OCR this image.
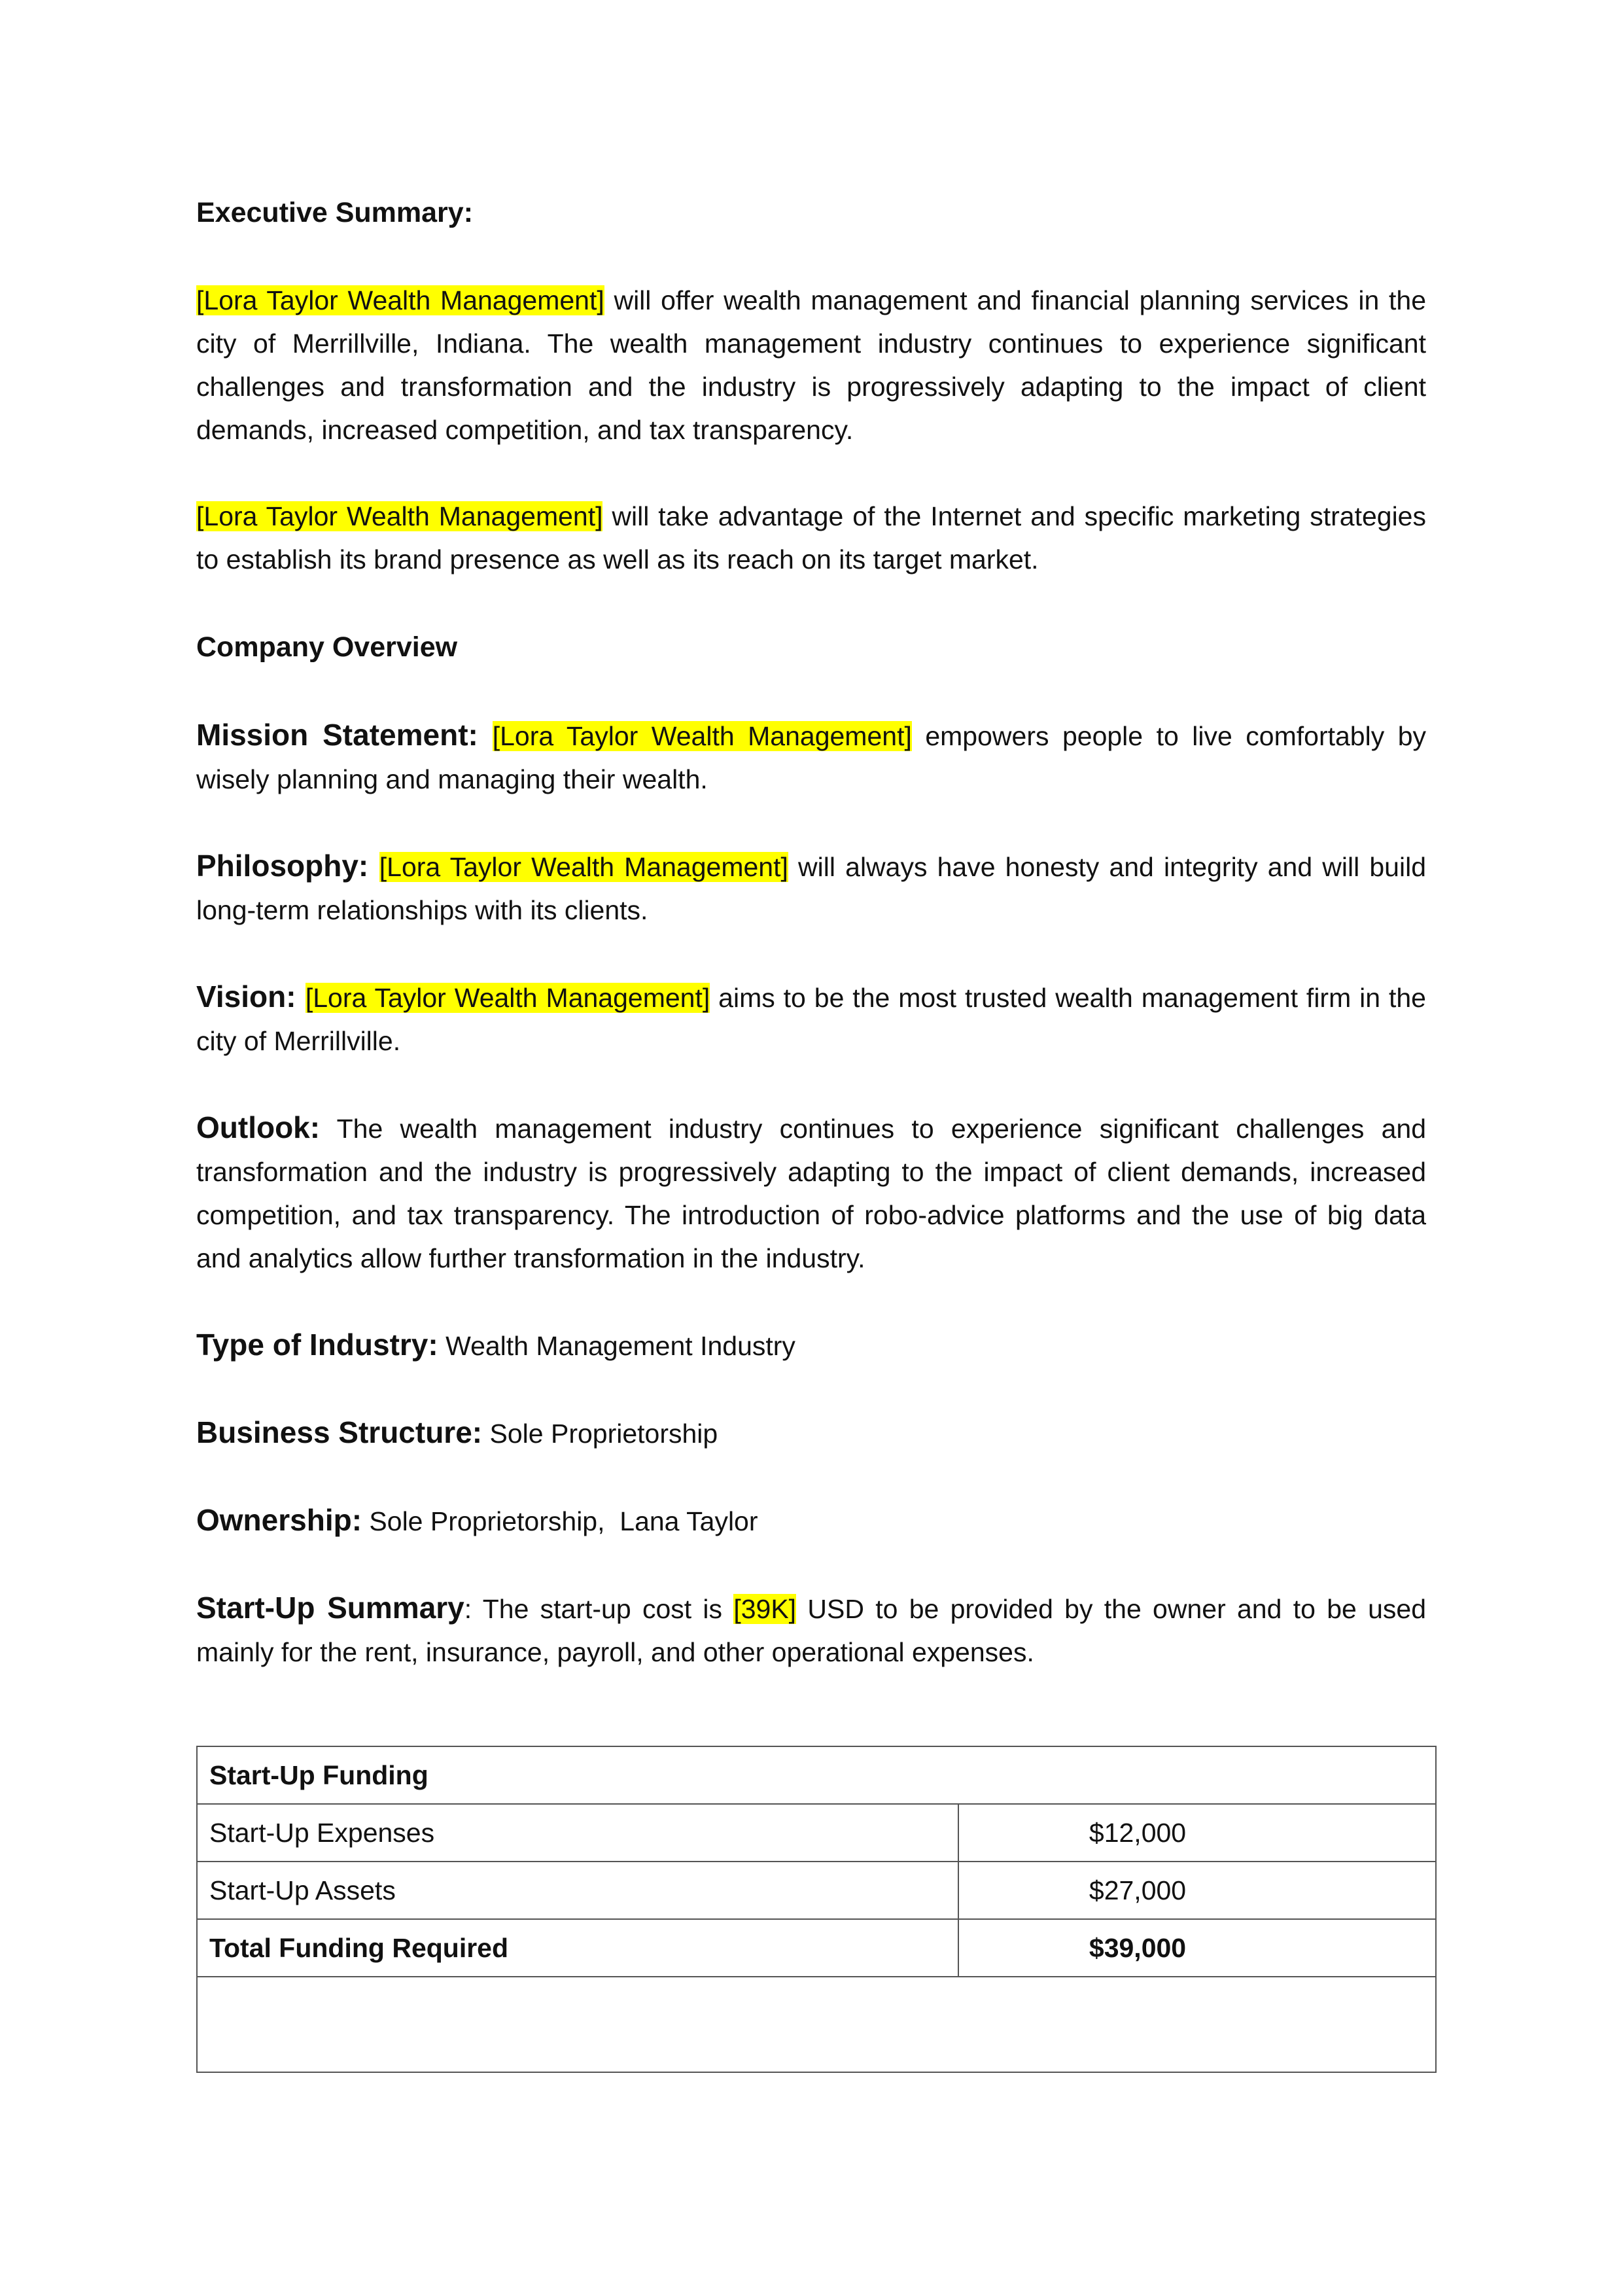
Executive Summary:

[Lora Taylor Wealth Management] will offer wealth management and financial planning services in the city of Merrillville, Indiana. The wealth management industry continues to experience significant challenges and transformation and the industry is progressively adapting to the impact of client demands, increased competition, and tax transparency.

[Lora Taylor Wealth Management] will take advantage of the Internet and specific marketing strategies to establish its brand presence as well as its reach on its target market.

Company Overview

Mission Statement: [Lora Taylor Wealth Management] empowers people to live comfortably by wisely planning and managing their wealth.

Philosophy: [Lora Taylor Wealth Management] will always have honesty and integrity and will build long-term relationships with its clients.

Vision: [Lora Taylor Wealth Management] aims to be the most trusted wealth management firm in the city of Merrillville.

Outlook: The wealth management industry continues to experience significant challenges and transformation and the industry is progressively adapting to the impact of client demands, increased competition, and tax transparency. The introduction of robo-advice platforms and the use of big data and analytics allow further transformation in the industry.

Type of Industry: Wealth Management Industry

Business Structure: Sole Proprietorship

Ownership: Sole Proprietorship,  Lana Taylor

Start-Up Summary: The start-up cost is [39K] USD to be provided by the owner and to be used mainly for the rent, insurance, payroll, and other operational expenses.

Start-Up Funding	
Start-Up Expenses	$12,000
Start-Up Assets	$27,000
Total Funding Required	$39,000
